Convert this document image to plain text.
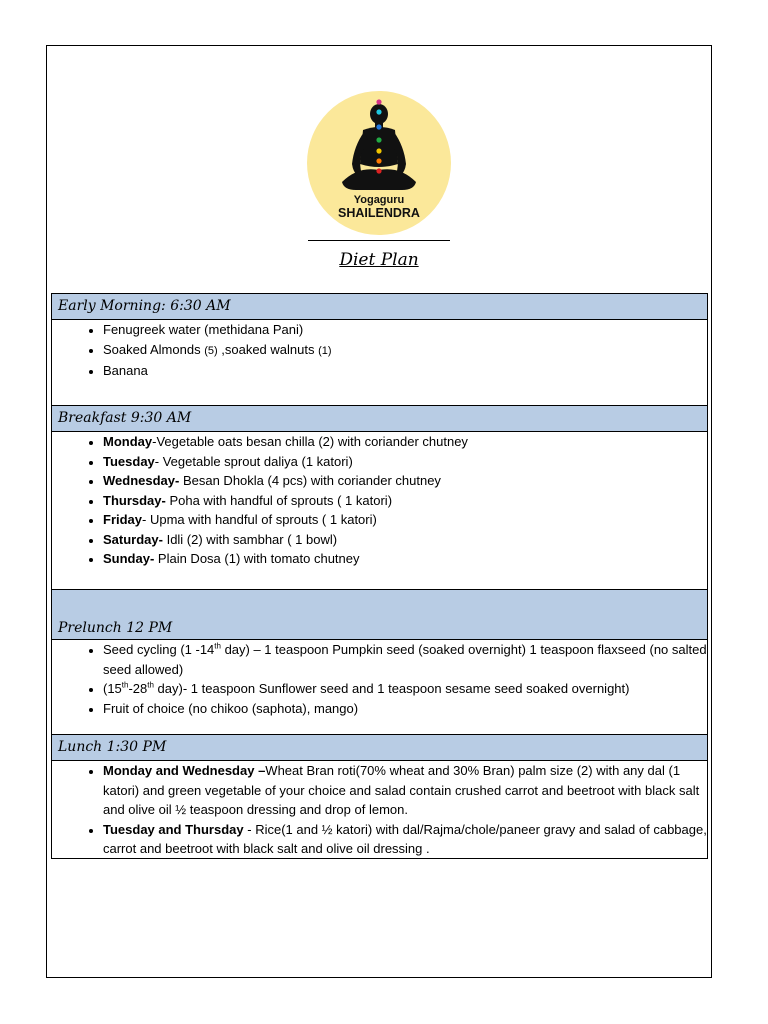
Yogaguru
SHAILENDRA
Diet Plan
Early Morning: 6:30 AM
• Fenugreek water (methidana Pani)
• Soaked Almonds (5) ,soaked walnuts (1)
• Banana
Breakfast 9:30 AM
• Monday-Vegetable oats besan chilla (2) with coriander chutney
• Tuesday- Vegetable sprout daliya (1 katori)
• Wednesday- Besan Dhokla (4 pcs) with coriander chutney
• Thursday- Poha with handful of sprouts ( 1 katori)
• Friday- Upma with handful of sprouts ( 1 katori)
• Saturday- Idli (2) with sambhar ( 1 bowl)
• Sunday- Plain Dosa (1) with tomato chutney
Prelunch 12 PM
• Seed cycling (1 -14th day) – 1 teaspoon Pumpkin seed (soaked overnight) 1 teaspoon flaxseed (no salted seed allowed)
• (15th-28th day)- 1 teaspoon Sunflower seed and 1 teaspoon sesame seed soaked overnight)
• Fruit of choice (no chikoo (saphota), mango)
Lunch 1:30 PM
• Monday and Wednesday –Wheat Bran roti(70% wheat and 30% Bran) palm size (2) with any dal (1 katori) and green vegetable of your choice and salad contain crushed carrot and beetroot with black salt and olive oil ½ teaspoon dressing and drop of lemon.
• Tuesday and Thursday - Rice(1 and ½ katori) with dal/Rajma/chole/paneer gravy and salad of cabbage, carrot and beetroot with black salt and olive oil dressing .
